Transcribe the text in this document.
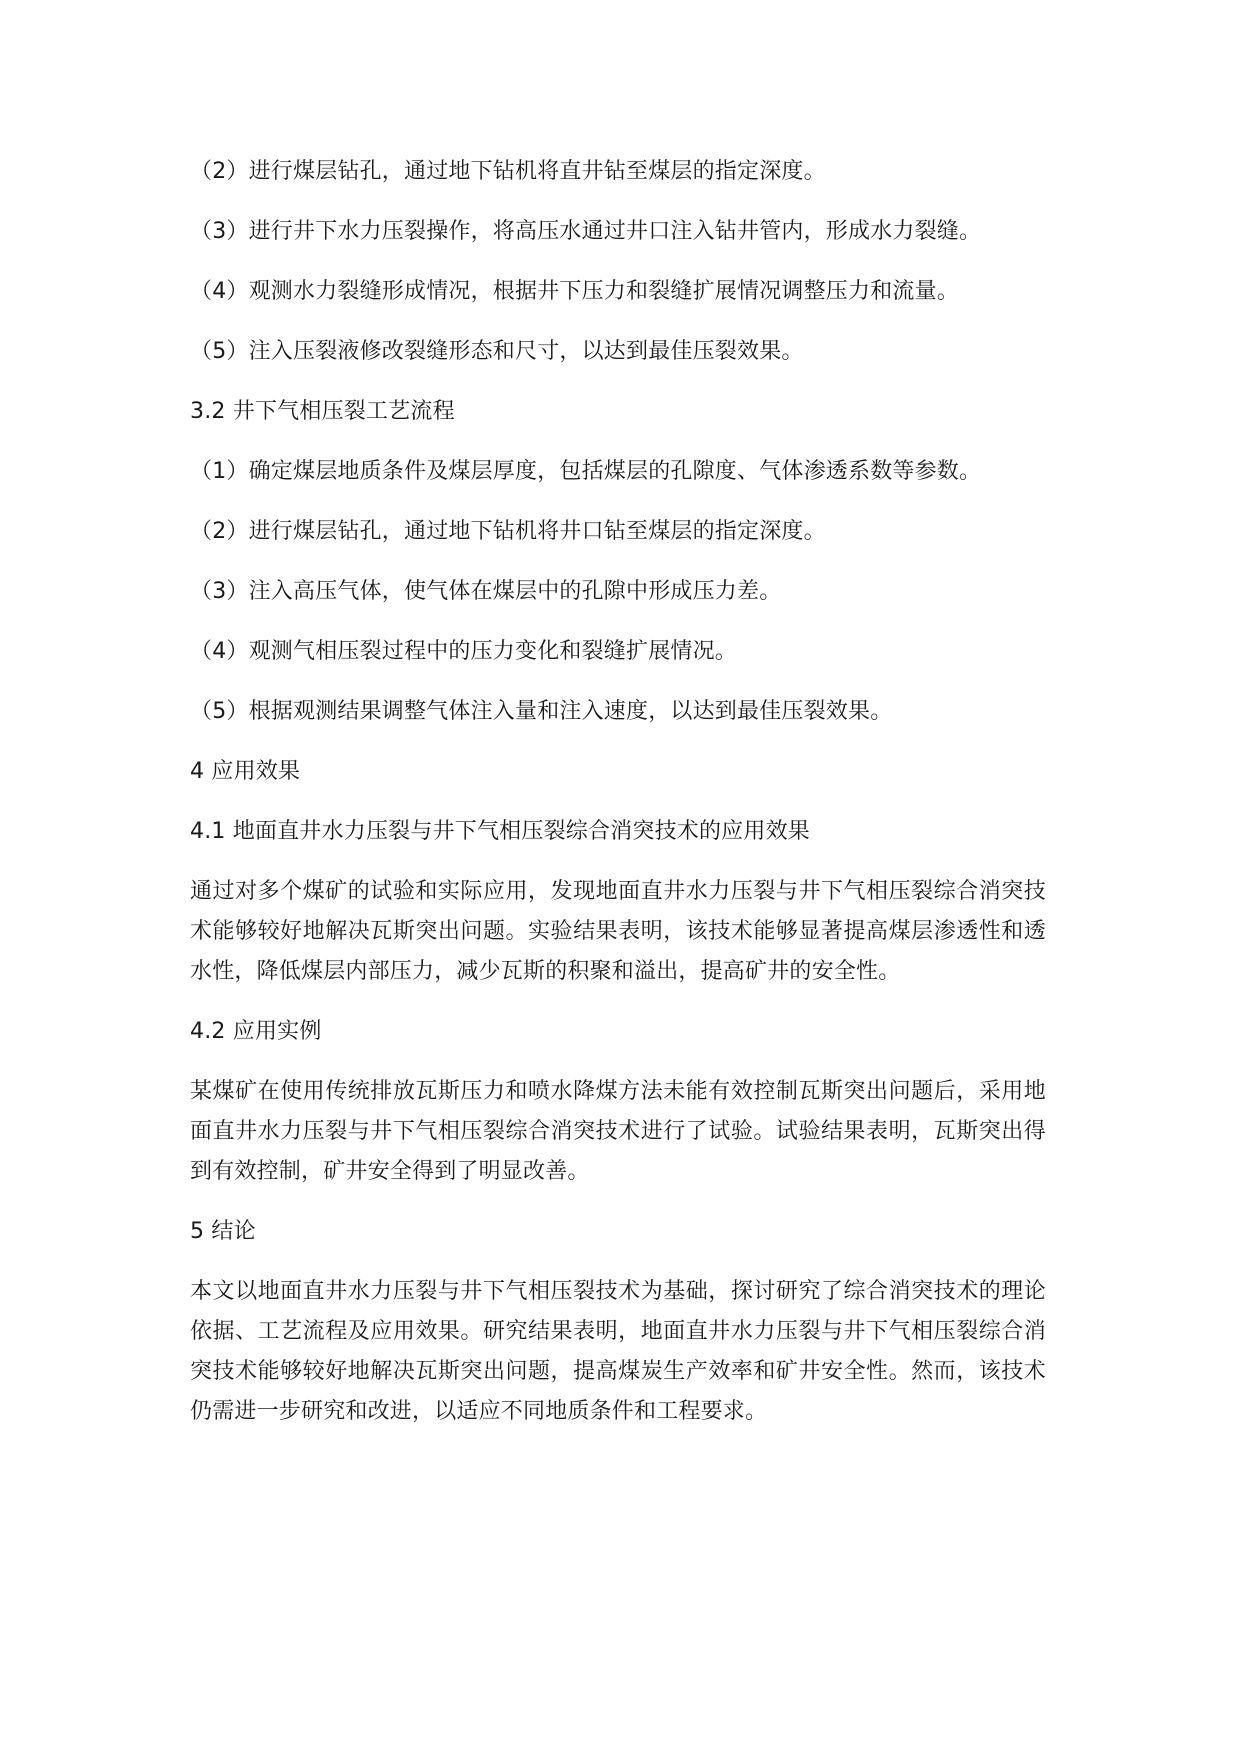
（2）进行煤层钻孔，通过地下钻机将直井钻至煤层的指定深度。
（3）进行井下水力压裂操作，将高压水通过井口注入钻井管内，形成水力裂缝。
（4）观测水力裂缝形成情况，根据井下压力和裂缝扩展情况调整压力和流量。
（5）注入压裂液修改裂缝形态和尺寸，以达到最佳压裂效果。
3.2 井下气相压裂工艺流程
（1）确定煤层地质条件及煤层厚度，包括煤层的孔隙度、气体渗透系数等参数。
（2）进行煤层钻孔，通过地下钻机将井口钻至煤层的指定深度。
（3）注入高压气体，使气体在煤层中的孔隙中形成压力差。
（4）观测气相压裂过程中的压力变化和裂缝扩展情况。
（5）根据观测结果调整气体注入量和注入速度，以达到最佳压裂效果。
4 应用效果
4.1 地面直井水力压裂与井下气相压裂综合消突技术的应用效果
通过对多个煤矿的试验和实际应用，发现地面直井水力压裂与井下气相压裂综合消突技术能够较好地解决瓦斯突出问题。实验结果表明，该技术能够显著提高煤层渗透性和透水性，降低煤层内部压力，减少瓦斯的积聚和溢出，提高矿井的安全性。
4.2 应用实例
某煤矿在使用传统排放瓦斯压力和喷水降煤方法未能有效控制瓦斯突出问题后，采用地面直井水力压裂与井下气相压裂综合消突技术进行了试验。试验结果表明，瓦斯突出得到有效控制，矿井安全得到了明显改善。
5 结论
本文以地面直井水力压裂与井下气相压裂技术为基础，探讨研究了综合消突技术的理论依据、工艺流程及应用效果。研究结果表明，地面直井水力压裂与井下气相压裂综合消突技术能够较好地解决瓦斯突出问题，提高煤炭生产效率和矿井安全性。然而，该技术仍需进一步研究和改进，以适应不同地质条件和工程要求。
